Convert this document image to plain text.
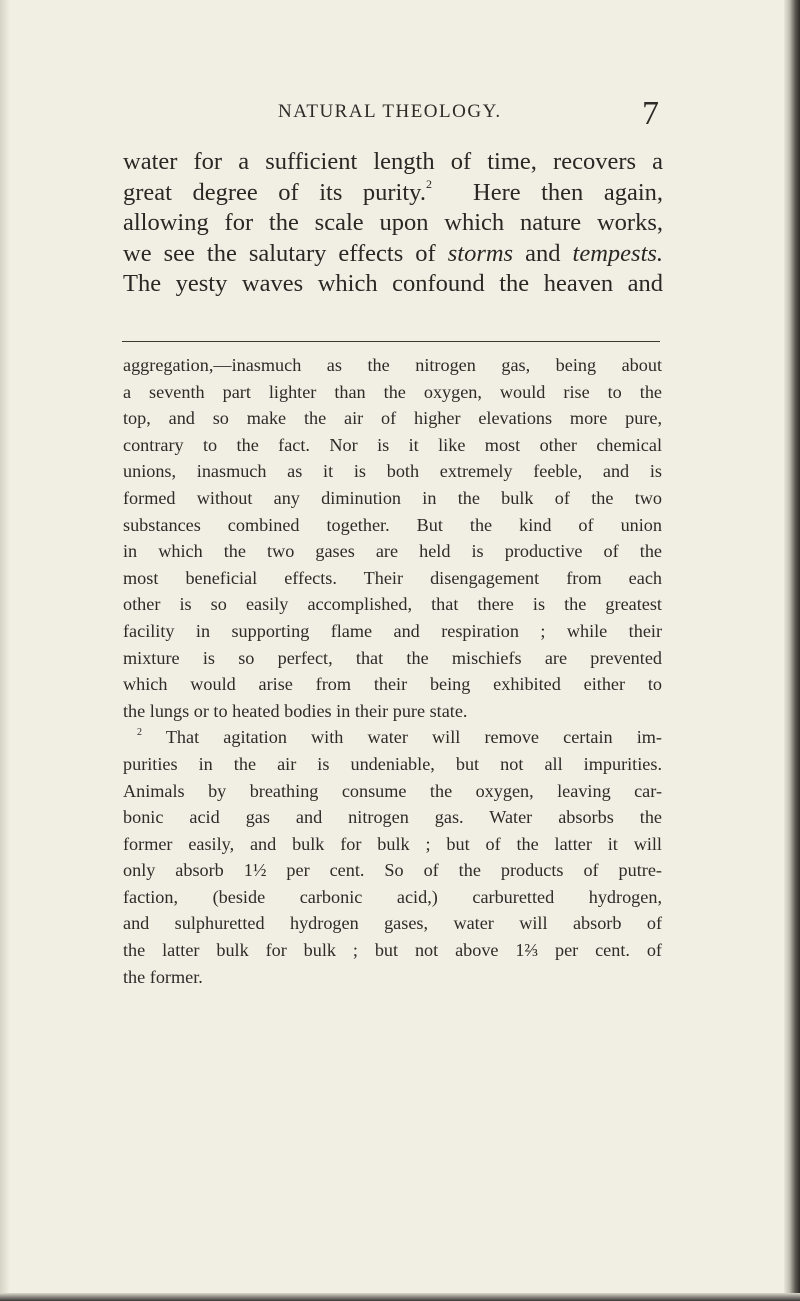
NATURAL THEOLOGY.	7
water for a sufficient length of time, recovers a
great degree of its purity.$^2$ Here then again,
allowing for the scale upon which nature works,
we see the salutary effects of storms and tempests.
The yesty waves which confound the heaven and
aggregation,—inasmuch as the nitrogen gas, being about
a seventh part lighter than the oxygen, would rise to the
top, and so make the air of higher elevations more pure,
contrary to the fact. Nor is it like most other chemical
unions, inasmuch as it is both extremely feeble, and is
formed without any diminution in the bulk of the two
substances combined together. But the kind of union
in which the two gases are held is productive of the
most beneficial effects. Their disengagement from each
other is so easily accomplished, that there is the greatest
facility in supporting flame and respiration ; while their
mixture is so perfect, that the mischiefs are prevented
which would arise from their being exhibited either to
the lungs or to heated bodies in their pure state.
$^2$ That agitation with water will remove certain im-
purities in the air is undeniable, but not all impurities.
Animals by breathing consume the oxygen, leaving car-
bonic acid gas and nitrogen gas. Water absorbs the
former easily, and bulk for bulk ; but of the latter it will
only absorb 1½ per cent. So of the products of putre-
faction, (beside carbonic acid,) carburetted hydrogen,
and sulphuretted hydrogen gases, water will absorb of
the latter bulk for bulk ; but not above 1⅔ per cent. of
the former.
